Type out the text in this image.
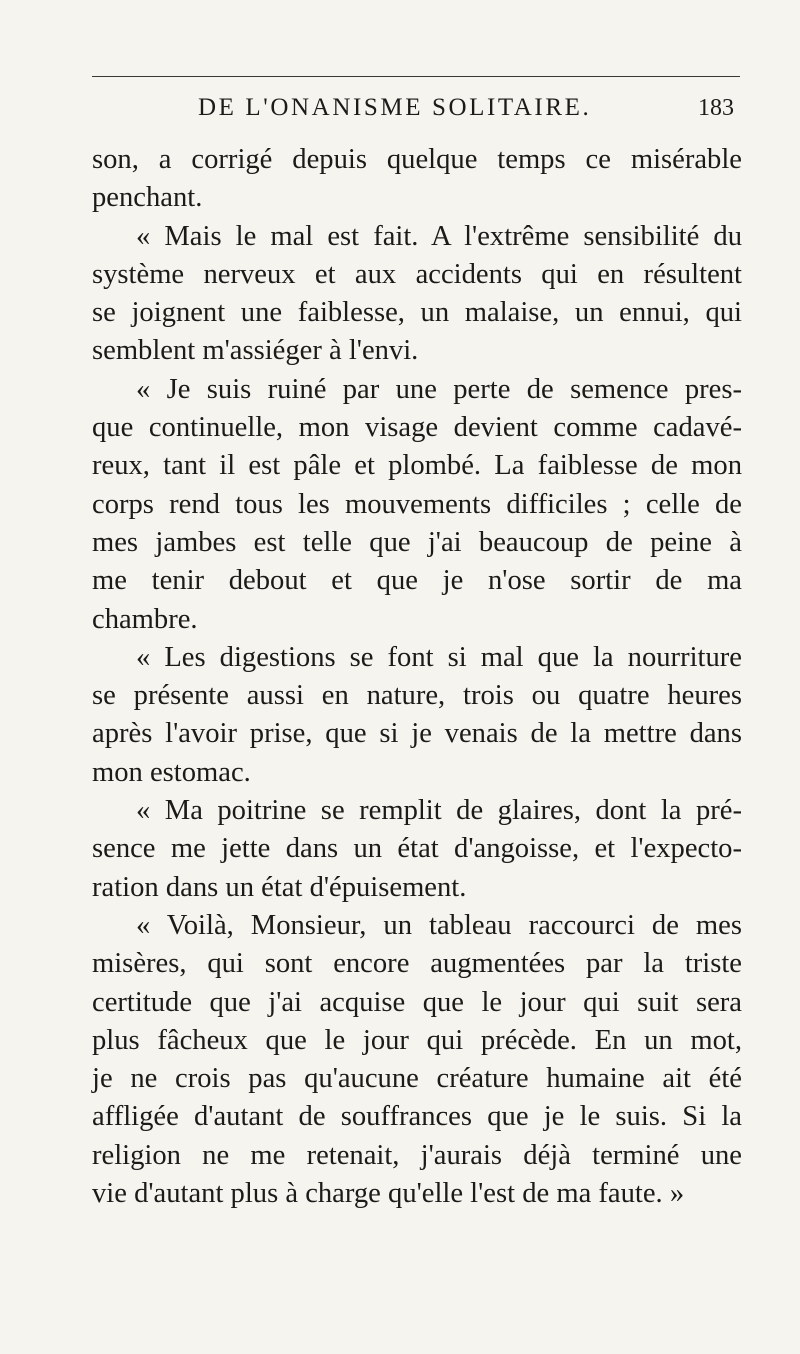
DE L'ONANISME SOLITAIRE.	183
son, a corrigé depuis quelque temps ce misérable
penchant.
« Mais le mal est fait. A l'extrême sensibilité du
système nerveux et aux accidents qui en résultent
se joignent une faiblesse, un malaise, un ennui, qui
semblent m'assiéger à l'envi.
« Je suis ruiné par une perte de semence pres-
que continuelle, mon visage devient comme cadavé-
reux, tant il est pâle et plombé. La faiblesse de mon
corps rend tous les mouvements difficiles ; celle de
mes jambes est telle que j'ai beaucoup de peine à
me tenir debout et que je n'ose sortir de ma
chambre.
« Les digestions se font si mal que la nourriture
se présente aussi en nature, trois ou quatre heures
après l'avoir prise, que si je venais de la mettre dans
mon estomac.
« Ma poitrine se remplit de glaires, dont la pré-
sence me jette dans un état d'angoisse, et l'expecto-
ration dans un état d'épuisement.
« Voilà, Monsieur, un tableau raccourci de mes
misères, qui sont encore augmentées par la triste
certitude que j'ai acquise que le jour qui suit sera
plus fâcheux que le jour qui précède. En un mot,
je ne crois pas qu'aucune créature humaine ait été
affligée d'autant de souffrances que je le suis. Si la
religion ne me retenait, j'aurais déjà terminé une
vie d'autant plus à charge qu'elle l'est de ma faute. »
